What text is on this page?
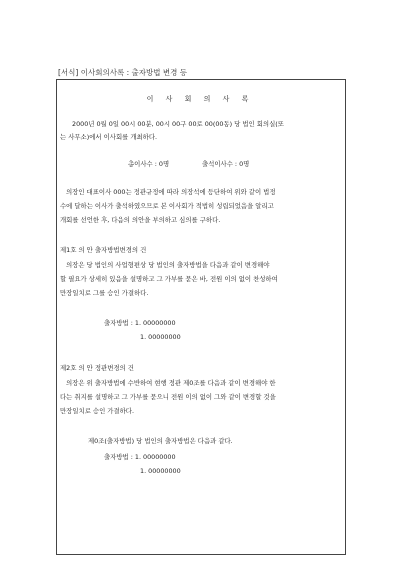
[서식] 이사회의사록 : 출자방법 변경 등
이 사 회 의 사 록
2000년 0월 0일 00시 00분, 00시 00구 00로 00(00동) 당 법인 회의실(또
는 사무소)에서 이사회를 개최하다.
총이사수 : 0명	출석이사수 : 0명
의장인 대표이사 000는 정관규정에 따라 의장석에 등단하여 위와 같이 법정
수에 달하는 이사가 출석하였으므로 본 이사회가 적법히 성립되었음을 알리고
개회를 선언한 후, 다음의 의안을 부의하고 심의를 구하다.
제1호 의 안 출자방법변경의 건
의장은 당 법인의 사업형편상 당 법인의 출자방법을 다음과 같이 변경해야
할 필요가 상세히 있음을 설명하고 그 가부를 묻은 바, 전원 이의 없이 찬성하여
만장일치로 그를 승인 가결하다.
출자방법 : 1. 00000000
1. 00000000
제2호 의 안 정관변경의 건
의장은 위 출자방법에 수반하여 현행 정관 제0조를 다음과 같이 변경해야 한
다는 취지를 설명하고 그 가부를 묻으니 전원 이의 없이 그와 같이 변경할 것을
만장일치로 승인 가결하다.
제0조(출자방법) 당 법인의 출자방법은 다음과 같다.
출자방법 : 1. 00000000
1. 00000000
